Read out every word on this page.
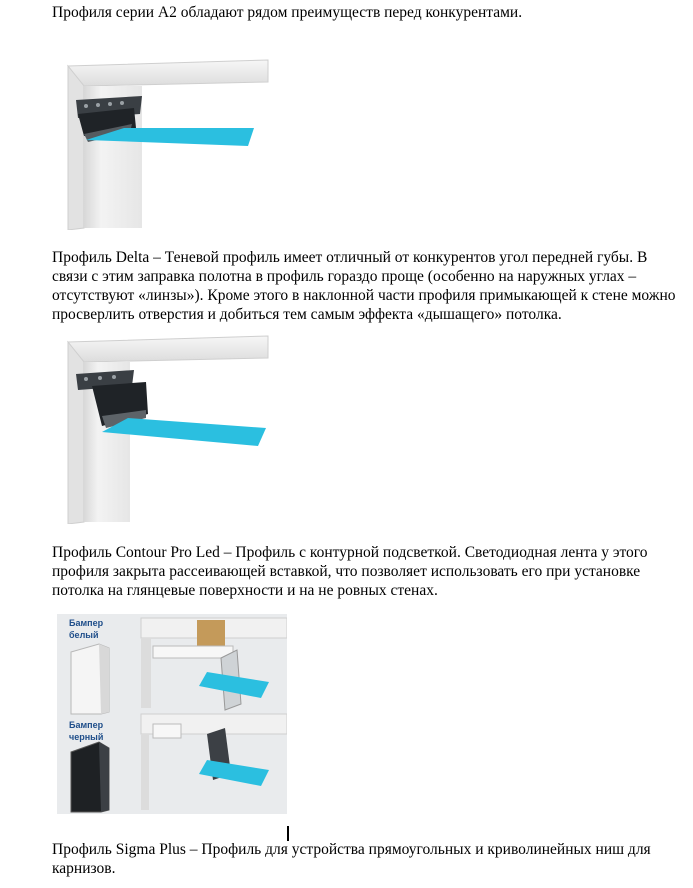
Профиля серии A2 обладают рядом преимуществ перед конкурентами.

Профиль Delta – Теневой профиль имеет отличный от конкурентов угол передней губы. В связи с этим заправка полотна в профиль гораздо проще (особенно на наружных углах – отсутствуют «линзы»). Кроме этого в наклонной части профиля примыкающей к стене можно просверлить отверстия и добиться тем самым эффекта «дышащего» потолка.

Профиль Contour Pro Led – Профиль с контурной подсветкой. Светодиодная лента у этого профиля закрыта рассеивающей вставкой, что позволяет использовать его при установке потолка на глянцевые поверхности и на не ровных стенах.

Бампер
белый
Бампер
черный

Профиль Sigma Plus – Профиль для устройства прямоугольных и криволинейных ниш для карнизов.
